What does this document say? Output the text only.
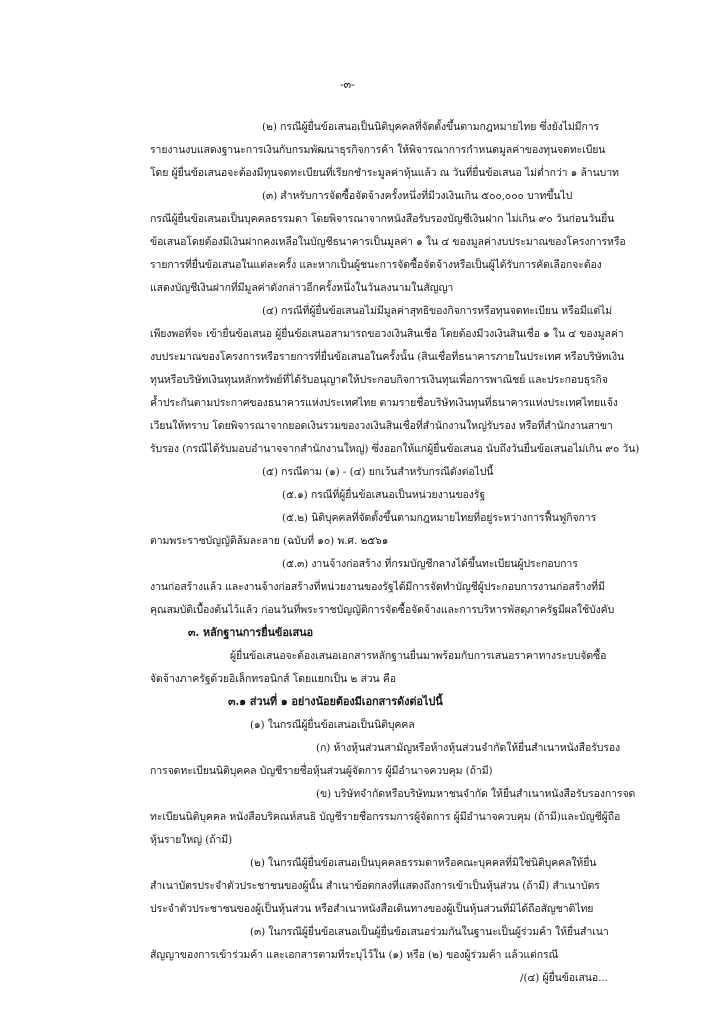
-๓-
(๒) กรณีผู้ยื่นข้อเสนอเป็นนิติบุคคลที่จัดตั้งขึ้นตามกฎหมายไทย ซึ่งยังไม่มีการ
รายงานงบแสดงฐานะการเงินกับกรมพัฒนาธุรกิจการค้า ให้พิจารณาการกำหนดมูลค่าของทุนจดทะเบียน
โดย ผู้ยื่นข้อเสนอจะต้องมีทุนจดทะเบียนที่เรียกชำระมูลค่าหุ้นแล้ว ณ วันที่ยื่นข้อเสนอ ไม่ต่ำกว่า ๑ ล้านบาท
(๓) สำหรับการจัดซื้อจัดจ้างครั้งหนึ่งที่มีวงเงินเกิน ๕๐๐,๐๐๐ บาทขึ้นไป
กรณีผู้ยื่นข้อเสนอเป็นบุคคลธรรมดา โดยพิจารณาจากหนังสือรับรองบัญชีเงินฝาก ไม่เกิน ๙๐ วันก่อนวันยื่น
ข้อเสนอโดยต้องมีเงินฝากคงเหลือในบัญชีธนาคารเป็นมูลค่า ๑ ใน ๔ ของมูลค่างบประมาณของโครงการหรือ
รายการที่ยื่นข้อเสนอในแต่ละครั้ง และหากเป็นผู้ชนะการจัดซื้อจัดจ้างหรือเป็นผู้ได้รับการคัดเลือกจะต้อง
แสดงบัญชีเงินฝากที่มีมูลค่าดังกล่าวอีกครั้งหนึ่งในวันลงนามในสัญญา
(๔) กรณีที่ผู้ยื่นข้อเสนอไม่มีมูลค่าสุทธิของกิจการหรือทุนจดทะเบียน หรือมีแต่ไม่
เพียงพอที่จะ เข้ายื่นข้อเสนอ ผู้ยื่นข้อเสนอสามารถขอวงเงินสินเชื่อ โดยต้องมีวงเงินสินเชื่อ ๑ ใน ๔ ของมูลค่า
งบประมาณของโครงการหรือรายการที่ยื่นข้อเสนอในครั้งนั้น (สินเชื่อที่ธนาคารภายในประเทศ หรือบริษัทเงิน
ทุนหรือบริษัทเงินทุนหลักทรัพย์ที่ได้รับอนุญาตให้ประกอบกิจการเงินทุนเพื่อการพาณิชย์ และประกอบธุรกิจ
ค้ำประกันตามประกาศของธนาคารแห่งประเทศไทย ตามรายชื่อบริษัทเงินทุนที่ธนาคารแห่งประเทศไทยแจ้ง
เวียนให้ทราบ โดยพิจารณาจากยอดเงินรวมของวงเงินสินเชื่อที่สำนักงานใหญ่รับรอง หรือที่สำนักงานสาขา
รับรอง (กรณีได้รับมอบอำนาจจากสำนักงานใหญ่) ซึ่งออกให้แก่ผู้ยื่นข้อเสนอ นับถึงวันยื่นข้อเสนอไม่เกิน ๙๐ วัน)
(๕) กรณีตาม (๑) - (๔) ยกเว้นสำหรับกรณีดังต่อไปนี้
(๕.๑) กรณีที่ผู้ยื่นข้อเสนอเป็นหน่วยงานของรัฐ
(๕.๒) นิติบุคคลที่จัดตั้งขึ้นตามกฎหมายไทยที่อยู่ระหว่างการฟื้นฟูกิจการ
ตามพระราชบัญญัติล้มละลาย (ฉบับที่ ๑๐) พ.ศ. ๒๕๖๑
(๕.๓) งานจ้างก่อสร้าง ที่กรมบัญชีกลางได้ขึ้นทะเบียนผู้ประกอบการ
งานก่อสร้างแล้ว และงานจ้างก่อสร้างที่หน่วยงานของรัฐได้มีการจัดทำบัญชีผู้ประกอบการงานก่อสร้างที่มี
คุณสมบัติเบื้องต้นไว้แล้ว ก่อนวันที่พระราชบัญญัติการจัดซื้อจัดจ้างและการบริหารพัสดุภาครัฐมีผลใช้บังคับ
๓. หลักฐานการยื่นข้อเสนอ
ผู้ยื่นข้อเสนอจะต้องเสนอเอกสารหลักฐานยื่นมาพร้อมกับการเสนอราคาทางระบบจัดซื้อ
จัดจ้างภาครัฐด้วยอิเล็กทรอนิกส์ โดยแยกเป็น ๒ ส่วน คือ
๓.๑ ส่วนที่ ๑ อย่างน้อยต้องมีเอกสารดังต่อไปนี้
(๑) ในกรณีผู้ยื่นข้อเสนอเป็นนิติบุคคล
(ก) ห้างหุ้นส่วนสามัญหรือห้างหุ้นส่วนจำกัดให้ยื่นสำเนาหนังสือรับรอง
การจดทะเบียนนิติบุคคล บัญชีรายชื่อหุ้นส่วนผู้จัดการ ผู้มีอำนาจควบคุม (ถ้ามี)
(ข) บริษัทจำกัดหรือบริษัทมหาชนจำกัด ให้ยื่นสำเนาหนังสือรับรองการจด
ทะเบียนนิติบุคคล หนังสือบริคณห์สนธิ บัญชีรายชื่อกรรมการผู้จัดการ ผู้มีอำนาจควบคุม (ถ้ามี)และบัญชีผู้ถือ
หุ้นรายใหญ่ (ถ้ามี)
(๒) ในกรณีผู้ยื่นข้อเสนอเป็นบุคคลธรรมดาหรือคณะบุคคลที่มิใช่นิติบุคคลให้ยื่น
สำเนาบัตรประจำตัวประชาชนของผู้นั้น สำเนาข้อตกลงที่แสดงถึงการเข้าเป็นหุ้นส่วน (ถ้ามี) สำเนาบัตร
ประจำตัวประชาชนของผู้เป็นหุ้นส่วน หรือสำเนาหนังสือเดินทางของผู้เป็นหุ้นส่วนที่มิได้ถือสัญชาติไทย
(๓) ในกรณีผู้ยื่นข้อเสนอเป็นผู้ยื่นข้อเสนอร่วมกันในฐานะเป็นผู้ร่วมค้า ให้ยื่นสำเนา
สัญญาของการเข้าร่วมค้า และเอกสารตามที่ระบุไว้ใน (๑) หรือ (๒) ของผู้ร่วมค้า แล้วแต่กรณี
/(๔) ผู้ยื่นข้อเสนอ...
